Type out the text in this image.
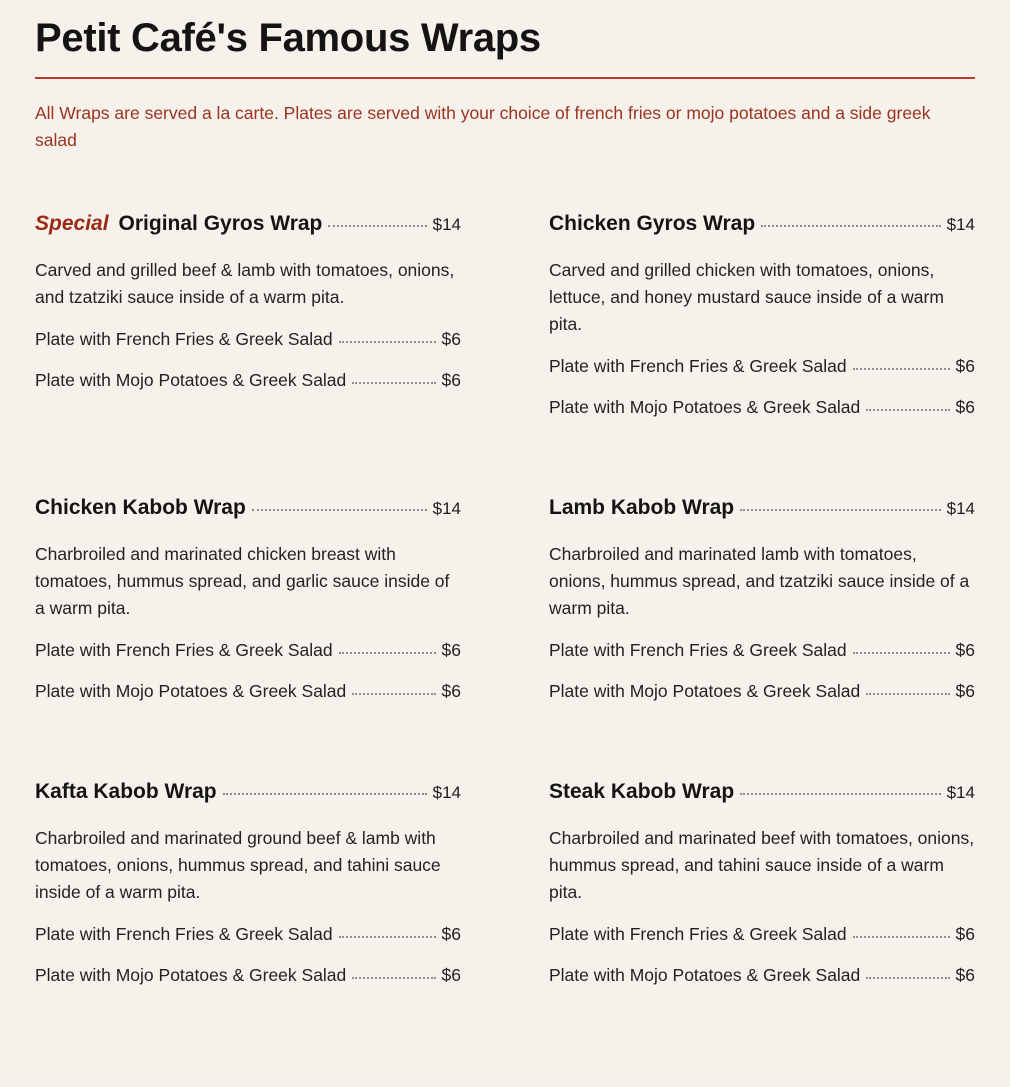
Petit Café's Famous Wraps
All Wraps are served a la carte. Plates are served with your choice of french fries or mojo potatoes and a side greek salad
Special Original Gyros Wrap	$14
Carved and grilled beef & lamb with tomatoes, onions, and tzatziki sauce inside of a warm pita.
Plate with French Fries & Greek Salad	$6
Plate with Mojo Potatoes & Greek Salad	$6
Chicken Gyros Wrap	$14
Carved and grilled chicken with tomatoes, onions, lettuce, and honey mustard sauce inside of a warm pita.
Plate with French Fries & Greek Salad	$6
Plate with Mojo Potatoes & Greek Salad	$6
Chicken Kabob Wrap	$14
Charbroiled and marinated chicken breast with tomatoes, hummus spread, and garlic sauce inside of a warm pita.
Plate with French Fries & Greek Salad	$6
Plate with Mojo Potatoes & Greek Salad	$6
Lamb Kabob Wrap	$14
Charbroiled and marinated lamb with tomatoes, onions, hummus spread, and tzatziki sauce inside of a warm pita.
Plate with French Fries & Greek Salad	$6
Plate with Mojo Potatoes & Greek Salad	$6
Kafta Kabob Wrap	$14
Charbroiled and marinated ground beef & lamb with tomatoes, onions, hummus spread, and tahini sauce inside of a warm pita.
Plate with French Fries & Greek Salad	$6
Plate with Mojo Potatoes & Greek Salad	$6
Steak Kabob Wrap	$14
Charbroiled and marinated beef with tomatoes, onions, hummus spread, and tahini sauce inside of a warm pita.
Plate with French Fries & Greek Salad	$6
Plate with Mojo Potatoes & Greek Salad	$6
